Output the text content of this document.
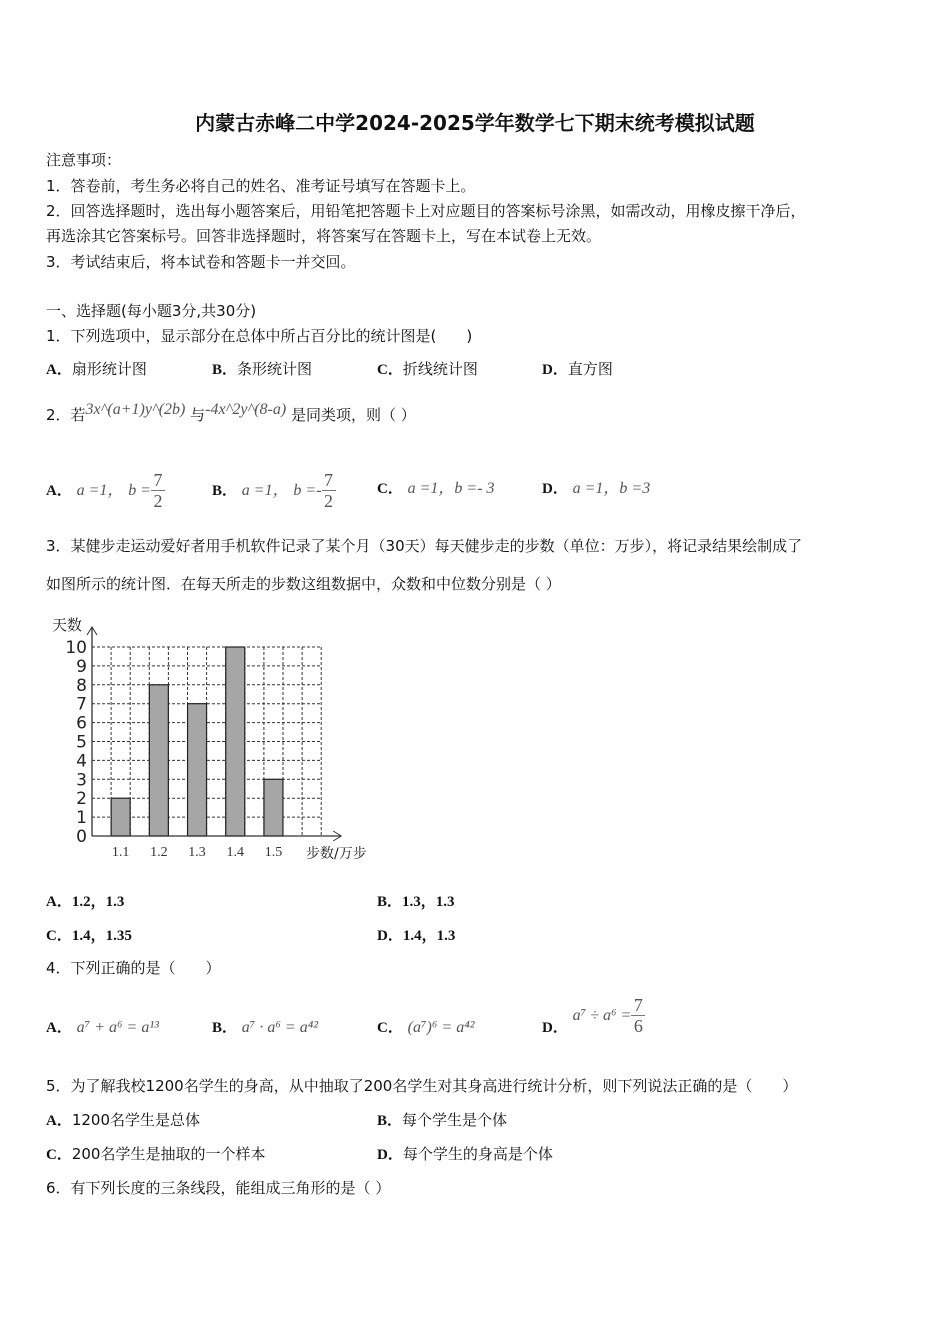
内蒙古赤峰二中学2024-2025学年数学七下期末统考模拟试题
注意事项：
1．答卷前，考生务必将自己的姓名、准考证号填写在答题卡上。
2．回答选择题时，选出每小题答案后，用铅笔把答题卡上对应题目的答案标号涂黑，如需改动，用橡皮擦干净后，
再选涂其它答案标号。回答非选择题时，将答案写在答题卡上，写在本试卷上无效。
3．考试结束后，将本试卷和答题卡一并交回。
一、选择题(每小题3分,共30分)
1．下列选项中，显示部分在总体中所占百分比的统计图是(　　)
A．扇形统计图	B．条形统计图	C．折线统计图	D．直方图
2．若3x^(a+1)y^(2b) 与-4x^2y^(8-a) 是同类项，则（ ）
A． a =1， $b = \frac{7}{2}$	B． a =1， $b =- \frac{7}{2}$	C． a =1，b =- 3	D． a =1，b =3
3．某健步走运动爱好者用手机软件记录了某个月（30天）每天健步走的步数（单位：万步），将记录结果绘制成了
如图所示的统计图．在每天所走的步数这组数据中，众数和中位数分别是（ ）
1.1 1.2 1.3 1.4 1.5
0
1
2
3
4
5
6
7
8
9
10
天数
步数/万步
A．1.2，1.3	B．1.3，1.3
C．1.4，1.35	D．1.4，1.3
4．下列正确的是（　　）
A． a⁷ + a⁶ = a¹³	B． a⁷ · a⁶ = a⁴²	C． (a⁷)⁶ = a⁴²	D． $a^7 \div a^6 = \frac{7}{6}$
5．为了解我校1200名学生的身高，从中抽取了200名学生对其身高进行统计分析，则下列说法正确的是（　　）
A．1200名学生是总体	B．每个学生是个体
C．200名学生是抽取的一个样本	D．每个学生的身高是个体
6．有下列长度的三条线段，能组成三角形的是（ ）
